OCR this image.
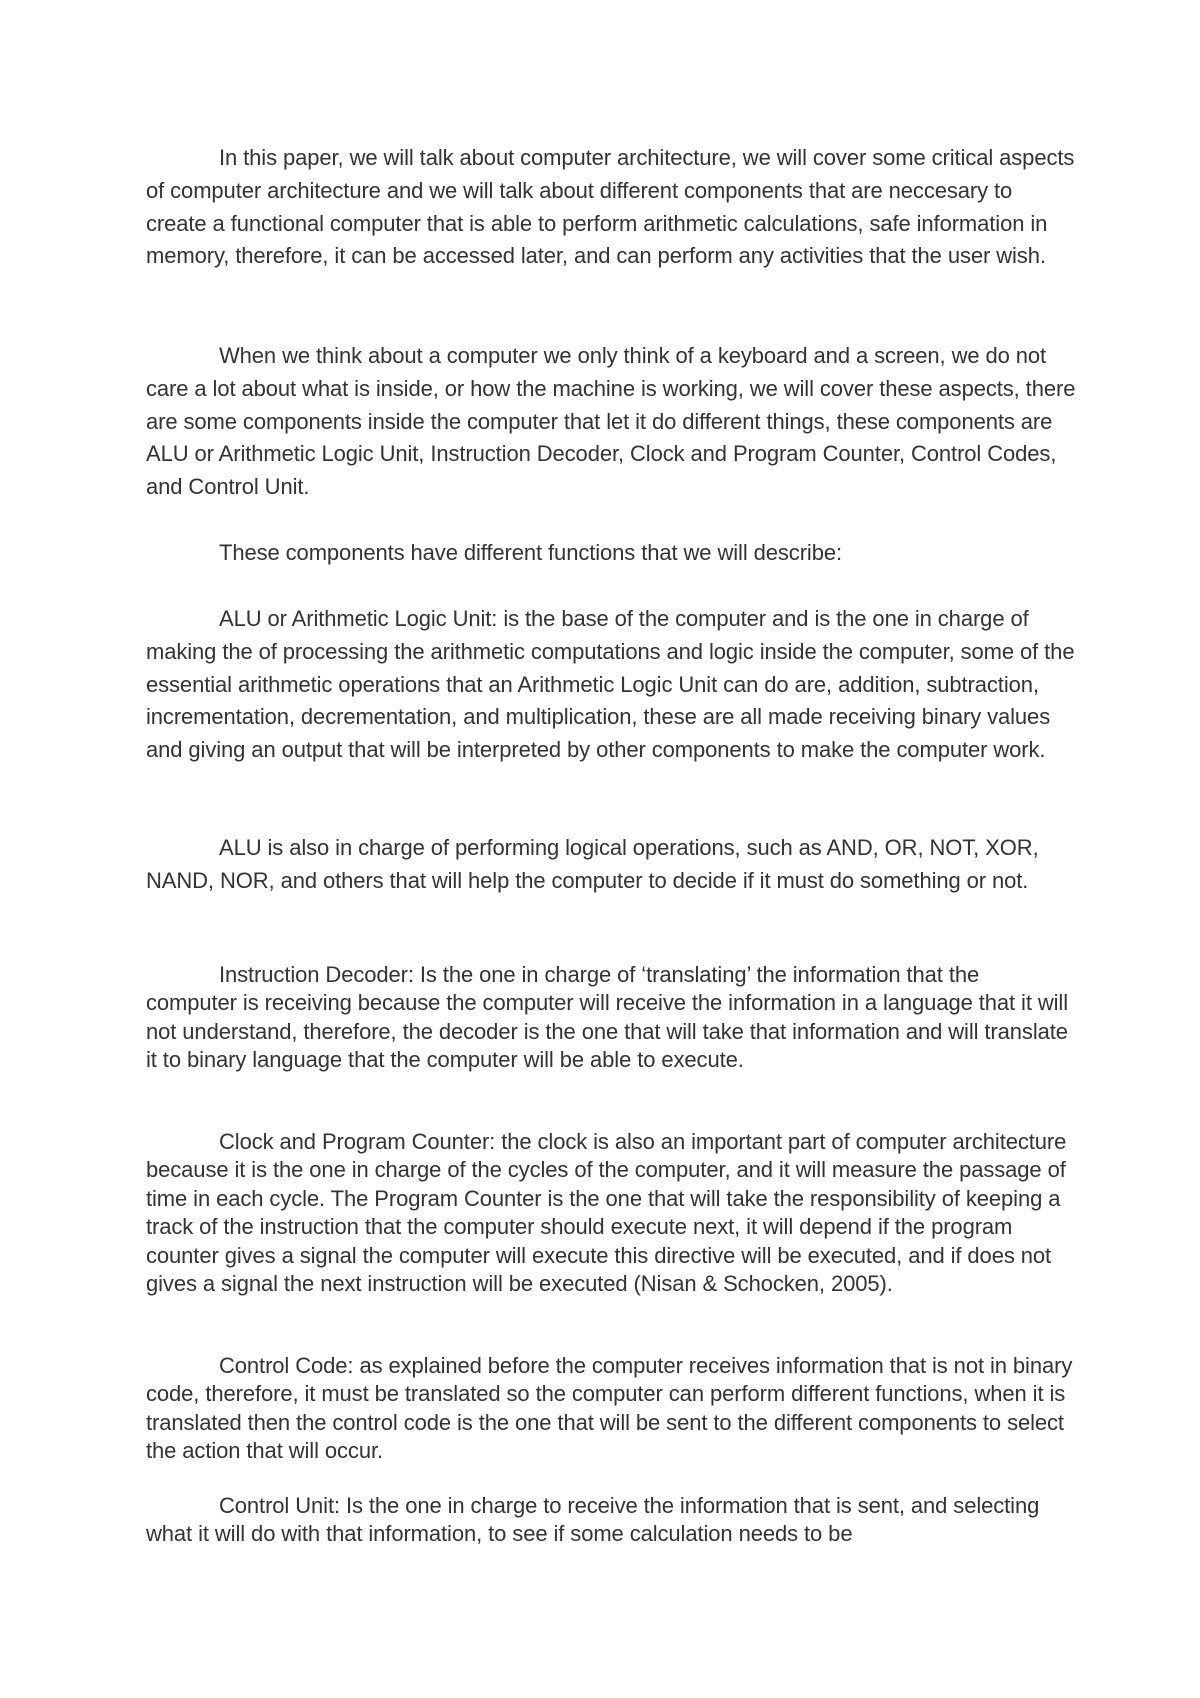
In this paper, we will talk about computer architecture, we will cover some critical aspects of computer architecture and we will talk about different components that are neccesary to create a functional computer that is able to perform arithmetic calculations, safe information in memory, therefore, it can be accessed later, and can perform any activities that the user wish.

When we think about a computer we only think of a keyboard and a screen, we do not care a lot about what is inside, or how the machine is working, we will cover these aspects, there are some components inside the computer that let it do different things, these components are ALU or Arithmetic Logic Unit, Instruction Decoder, Clock and Program Counter, Control Codes, and Control Unit.

These components have different functions that we will describe:

ALU or Arithmetic Logic Unit: is the base of the computer and is the one in charge of making the of processing the arithmetic computations and logic inside the computer, some of the essential arithmetic operations that an Arithmetic Logic Unit can do are, addition, subtraction, incrementation, decrementation, and multiplication, these are all made receiving binary values and giving an output that will be interpreted by other components to make the computer work.

ALU is also in charge of performing logical operations, such as AND, OR, NOT, XOR, NAND, NOR, and others that will help the computer to decide if it must do something or not.

Instruction Decoder: Is the one in charge of ‘translating’ the information that the computer is receiving because the computer will receive the information in a language that it will not understand, therefore, the decoder is the one that will take that information and will translate it to binary language that the computer will be able to execute.

Clock and Program Counter: the clock is also an important part of computer architecture because it is the one in charge of the cycles of the computer, and it will measure the passage of time in each cycle. The Program Counter is the one that will take the responsibility of keeping a track of the instruction that the computer should execute next, it will depend if the program counter gives a signal the computer will execute this directive will be executed, and if does not gives a signal the next instruction will be executed (Nisan & Schocken, 2005).

Control Code: as explained before the computer receives information that is not in binary code, therefore, it must be translated so the computer can perform different functions, when it is translated then the control code is the one that will be sent to the different components to select the action that will occur.

Control Unit: Is the one in charge to receive the information that is sent, and selecting what it will do with that information, to see if some calculation needs to be
